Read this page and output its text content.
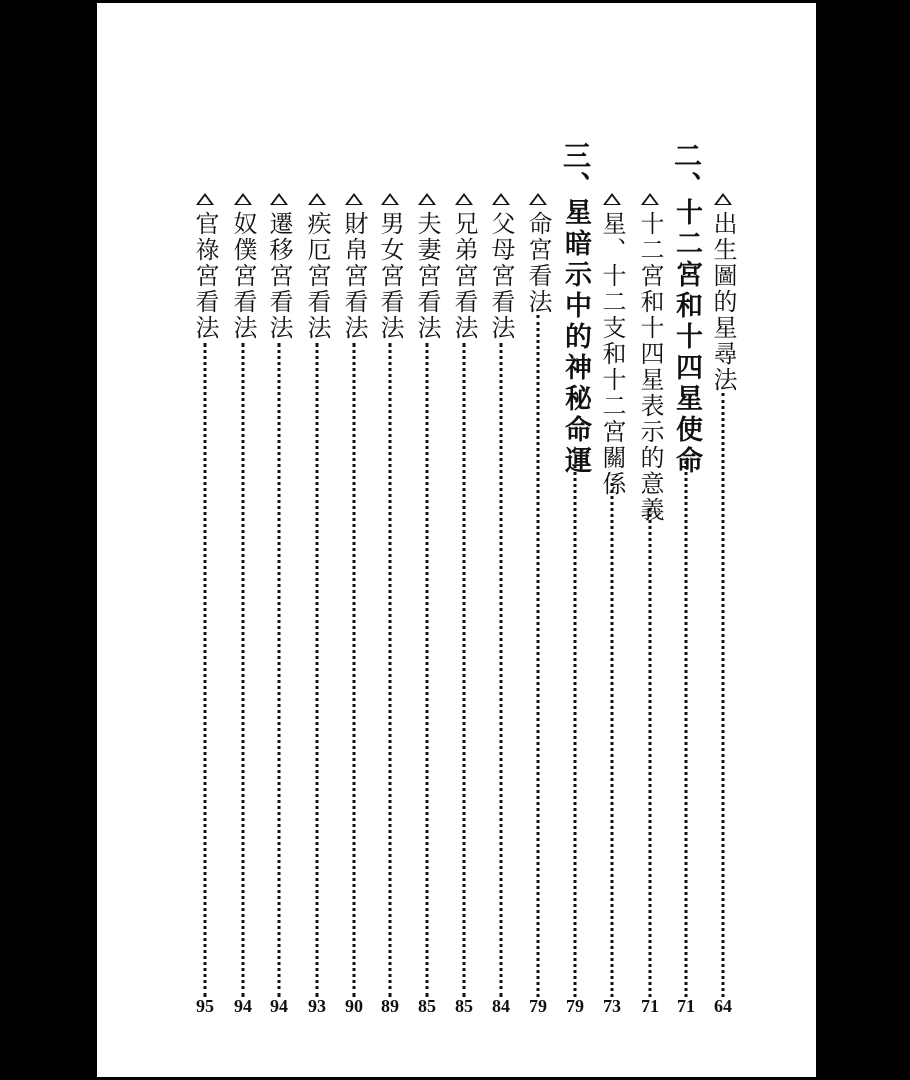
出生圖的星尋法
64
二、
十二宮和十四星使命
71
十二宮和十四星表示的意義
71
星、十二支和十二宮關係
73
三、
星暗示中的神秘命運
79
命宮看法
79
父母宮看法
84
兄弟宮看法
85
夫妻宮看法
85
男女宮看法
89
財帛宮看法
90
疾厄宮看法
93
遷移宮看法
94
奴僕宮看法
94
官祿宮看法
95
